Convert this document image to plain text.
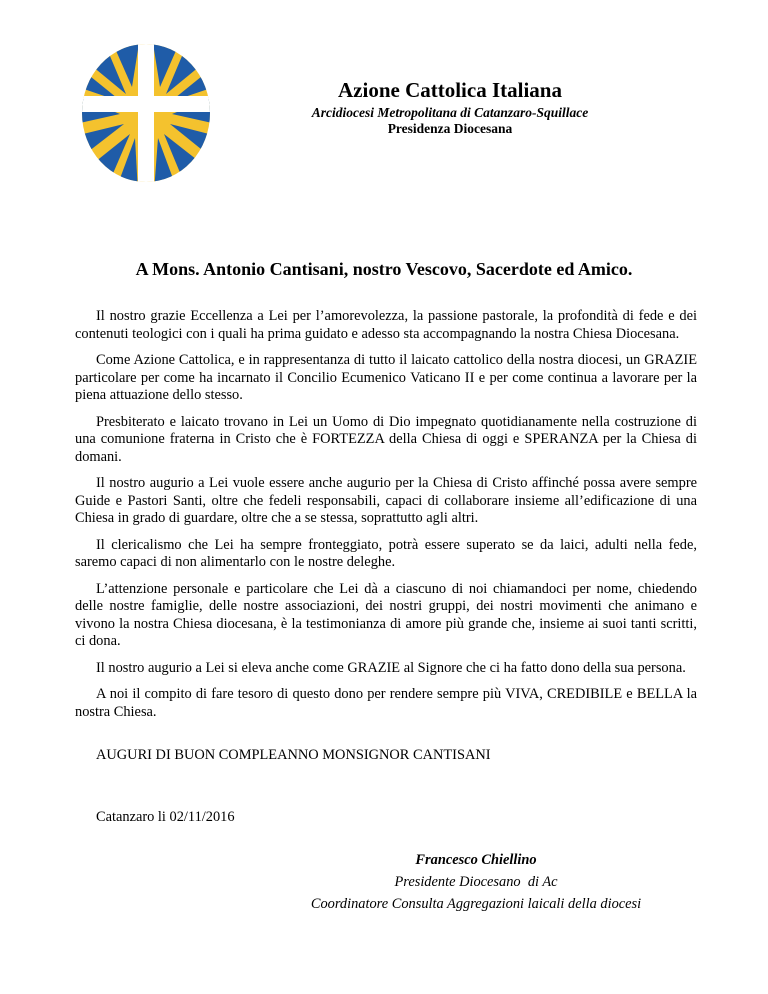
Azione Cattolica Italiana
Arcidiocesi Metropolitana di Catanzaro-Squillace
Presidenza Diocesana
A Mons. Antonio Cantisani, nostro Vescovo, Sacerdote ed Amico.

Il nostro grazie Eccellenza a Lei per l’amorevolezza, la passione pastorale, la profondità di fede e dei contenuti teologici con i quali ha prima guidato e adesso sta accompagnando la nostra Chiesa Diocesana.

Come Azione Cattolica, e in rappresentanza di tutto il laicato cattolico della nostra diocesi, un GRAZIE particolare per come ha incarnato il Concilio Ecumenico Vaticano II e per come continua a lavorare per la piena attuazione dello stesso.

Presbiterato e laicato trovano in Lei un Uomo di Dio impegnato quotidianamente nella costruzione di una comunione fraterna in Cristo che è FORTEZZA della Chiesa di oggi e SPERANZA per la Chiesa di domani.

Il nostro augurio a Lei vuole essere anche augurio per la Chiesa di Cristo affinché possa avere sempre Guide e Pastori Santi, oltre che fedeli responsabili, capaci di collaborare insieme all’edificazione di una Chiesa in grado di guardare, oltre che a se stessa, soprattutto agli altri.

Il clericalismo che Lei ha sempre fronteggiato, potrà essere superato se da laici, adulti nella fede, saremo capaci di non alimentarlo con le nostre deleghe.

L’attenzione personale e particolare che Lei dà a ciascuno di noi chiamandoci per nome, chiedendo delle nostre famiglie, delle nostre associazioni, dei nostri gruppi, dei nostri movimenti che animano e vivono la nostra Chiesa diocesana, è la testimonianza di amore più grande che, insieme ai suoi tanti scritti, ci dona.

Il nostro augurio a Lei si eleva anche come GRAZIE al Signore che ci ha fatto dono della sua persona.

A noi il compito di fare tesoro di questo dono per rendere sempre più VIVA, CREDIBILE e BELLA la nostra Chiesa.

AUGURI DI BUON COMPLEANNO MONSIGNOR CANTISANI
Catanzaro li 02/11/2016
Francesco Chiellino
Presidente Diocesano  di Ac
Coordinatore Consulta Aggregazioni laicali della diocesi
